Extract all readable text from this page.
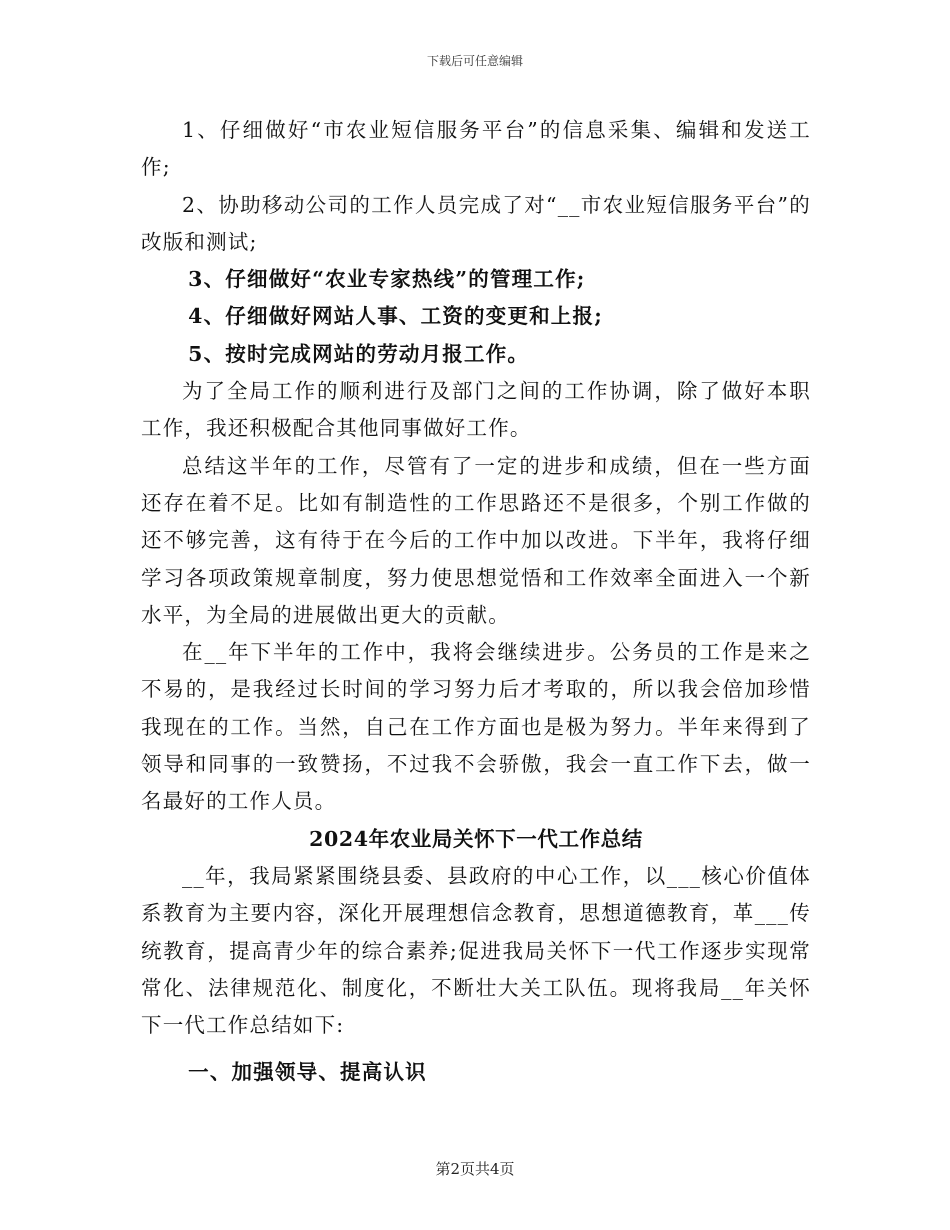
下载后可任意编辑

1、仔细做好“市农业短信服务平台”的信息采集、编辑和发送工作;

2、协助移动公司的工作人员完成了对“__市农业短信服务平台”的改版和测试;

3、仔细做好“农业专家热线”的管理工作;

4、仔细做好网站人事、工资的变更和上报;

5、按时完成网站的劳动月报工作。

为了全局工作的顺利进行及部门之间的工作协调，除了做好本职工作，我还积极配合其他同事做好工作。

总结这半年的工作，尽管有了一定的进步和成绩，但在一些方面还存在着不足。比如有制造性的工作思路还不是很多，个别工作做的还不够完善，这有待于在今后的工作中加以改进。下半年，我将仔细学习各项政策规章制度，努力使思想觉悟和工作效率全面进入一个新水平，为全局的进展做出更大的贡献。

在__年下半年的工作中，我将会继续进步。公务员的工作是来之不易的，是我经过长时间的学习努力后才考取的，所以我会倍加珍惜我现在的工作。当然，自己在工作方面也是极为努力。半年来得到了领导和同事的一致赞扬，不过我不会骄傲，我会一直工作下去，做一名最好的工作人员。

2024年农业局关怀下一代工作总结

__年，我局紧紧围绕县委、县政府的中心工作，以___核心价值体系教育为主要内容，深化开展理想信念教育，思想道德教育，革___传统教育，提高青少年的综合素养;促进我局关怀下一代工作逐步实现常常化、法律规范化、制度化，不断壮大关工队伍。现将我局__年关怀下一代工作总结如下:

一、加强领导、提高认识
第2页共4页
